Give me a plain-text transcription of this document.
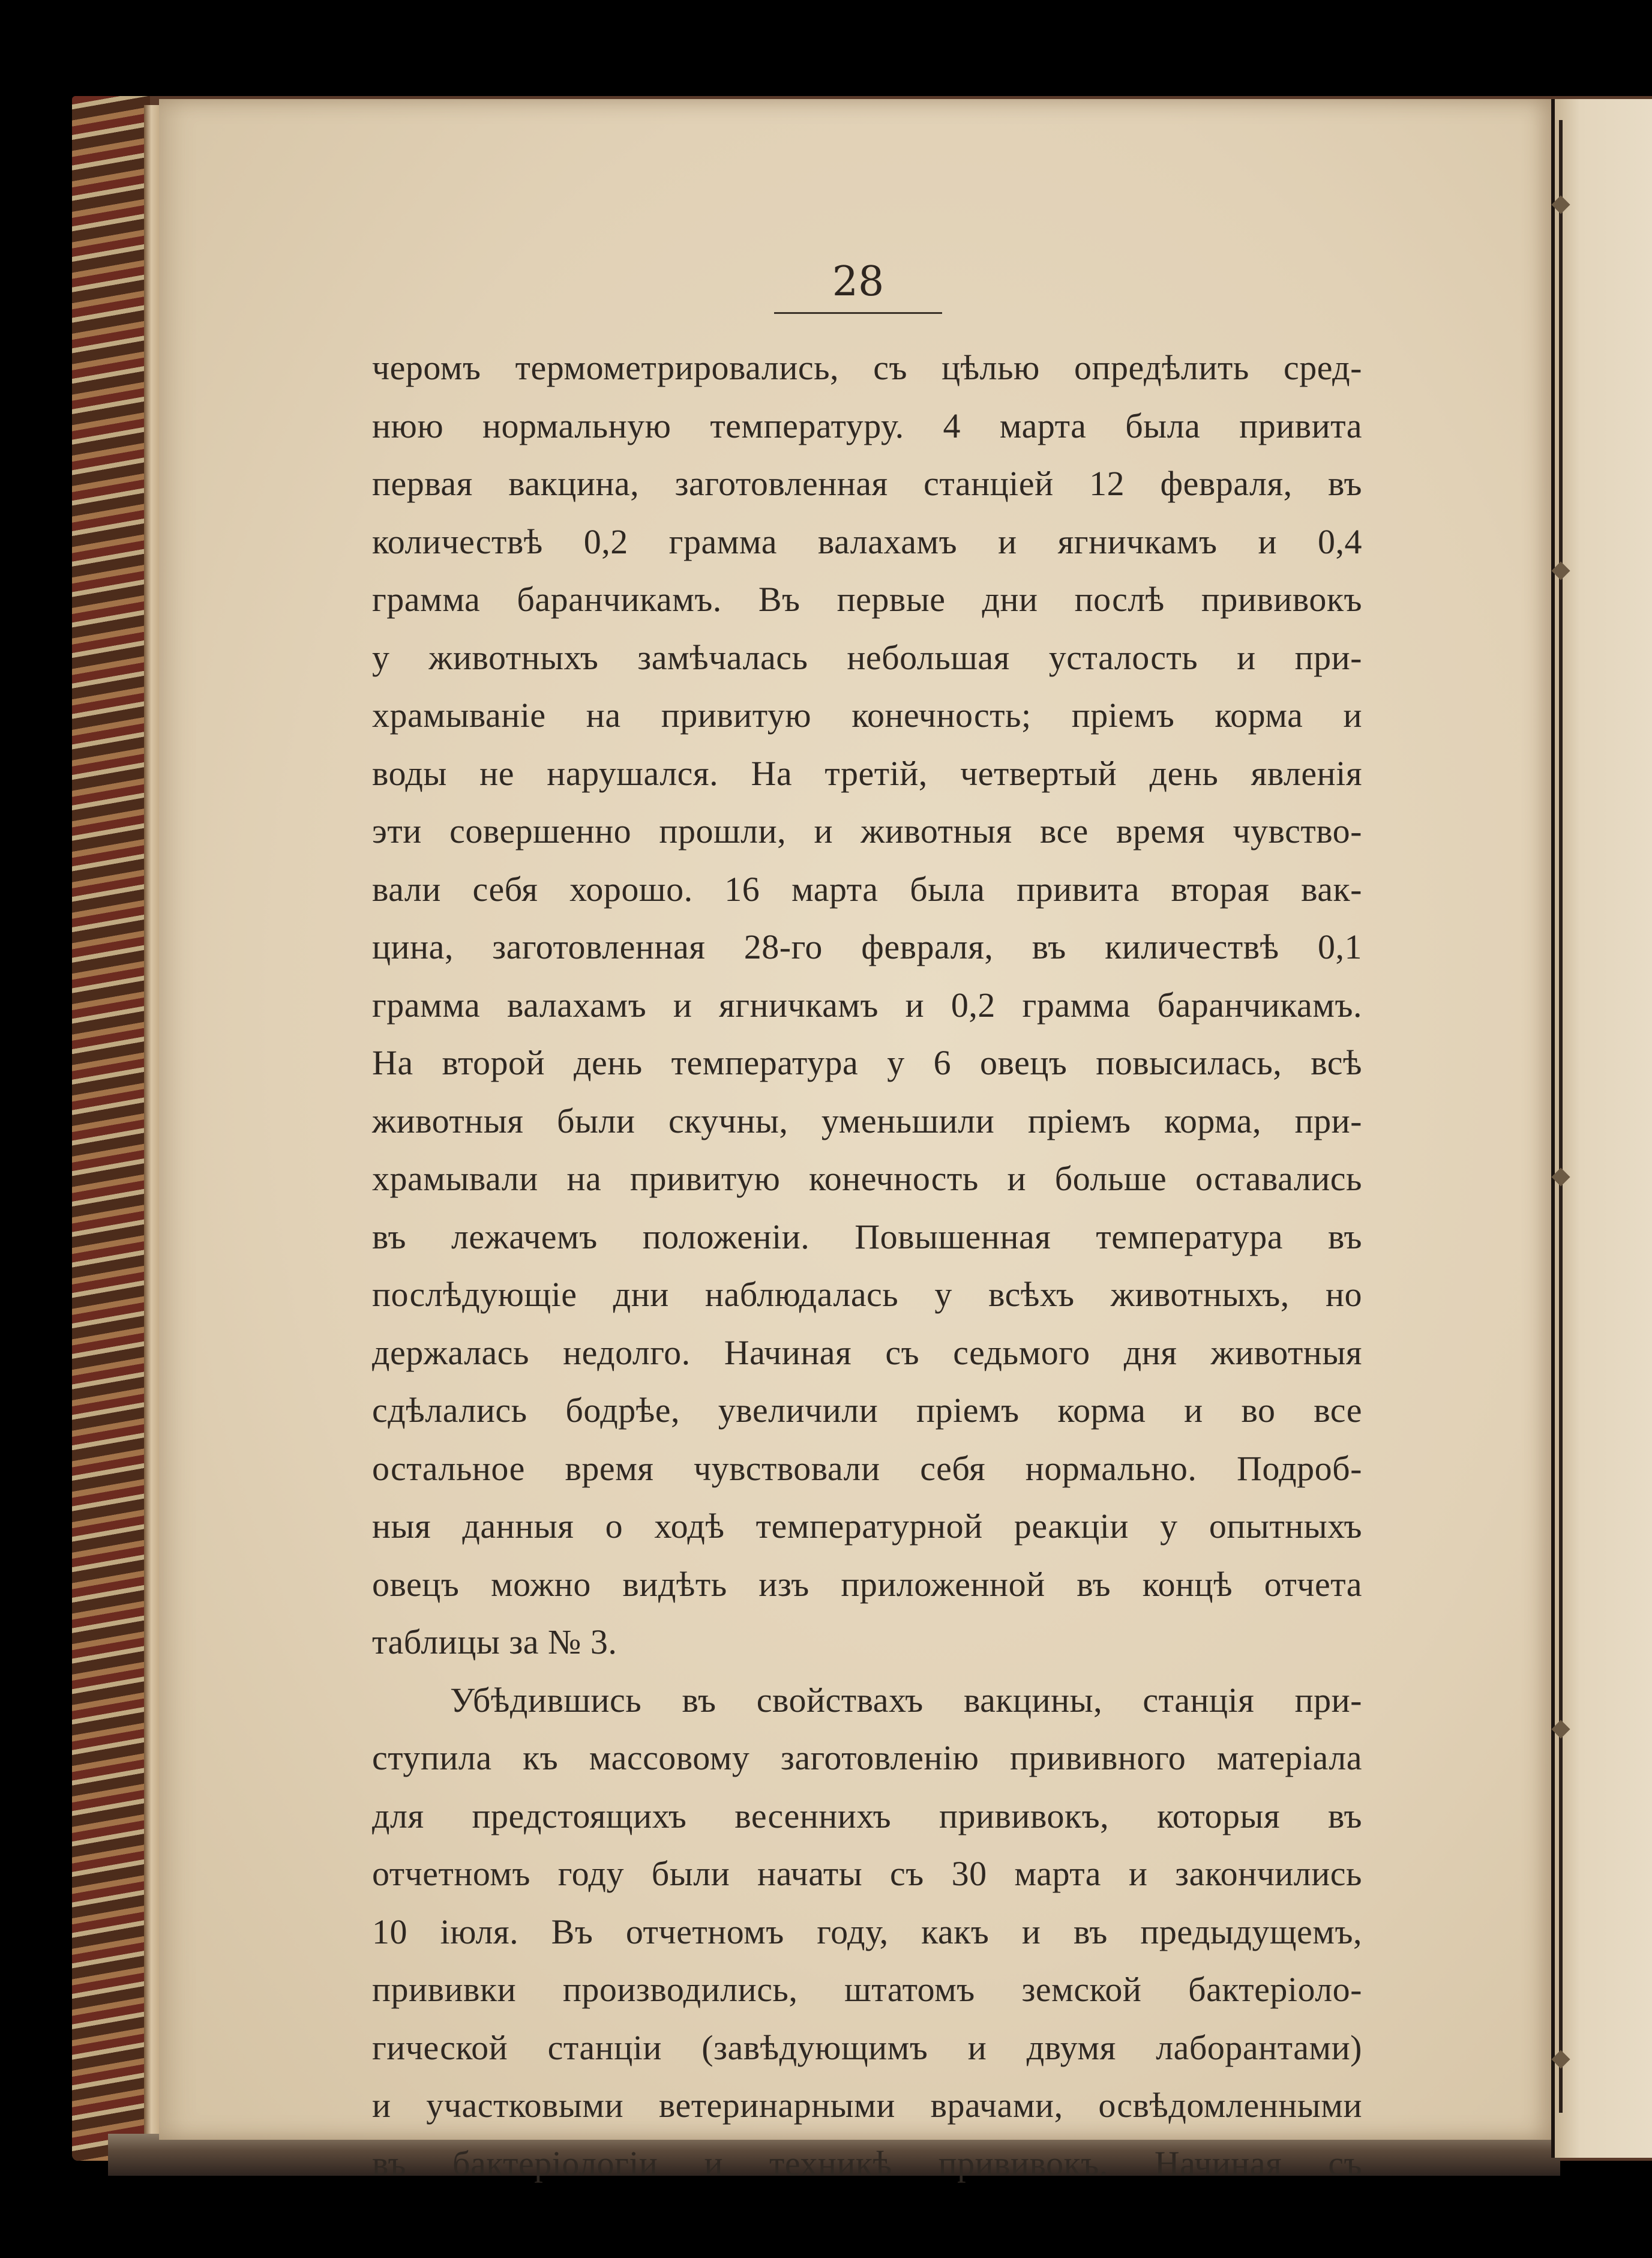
28
черомъ термометрировались, съ цѣлью опредѣлить сред-
нюю нормальную температуру. 4 марта была привита
первая вакцина, заготовленная станціей 12 февраля, въ
количествѣ 0,2 грамма валахамъ и ягничкамъ и 0,4
грамма баранчикамъ. Въ первые дни послѣ прививокъ
у животныхъ замѣчалась небольшая усталость и при-
храмываніе на привитую конечность; пріемъ корма и
воды не нарушался. На третій, четвертый день явленія
эти совершенно прошли, и животныя все время чувство-
вали себя хорошо. 16 марта была привита вторая вак-
цина, заготовленная 28-го февраля, въ киличествѣ 0,1
грамма валахамъ и ягничкамъ и 0,2 грамма баранчикамъ.
На второй день температура у 6 овецъ повысилась, всѣ
животныя были скучны, уменьшили пріемъ корма, при-
храмывали на привитую конечность и больше оставались
въ лежачемъ положеніи. Повышенная температура въ
послѣдующіе дни наблюдалась у всѣхъ животныхъ, но
держалась недолго. Начиная съ седьмого дня животныя
сдѣлались бодрѣе, увеличили пріемъ корма и во все
остальное время чувствовали себя нормально. Подроб-
ныя данныя о ходѣ температурной реакціи у опытныхъ
овецъ можно видѣть изъ приложенной въ концѣ отчета
таблицы за № 3.
Убѣдившись въ свойствахъ вакцины, станція при-
ступила къ массовому заготовленію прививного матеріала
для предстоящихъ весеннихъ прививокъ, которыя въ
отчетномъ году были начаты съ 30 марта и закончились
10 іюля. Въ отчетномъ году, какъ и въ предыдущемъ,
прививки производились, штатомъ земской бактеріоло-
гической станціи (завѣдующимъ и двумя лаборантами)
и участковыми ветеринарными врачами, освѣдомленными
въ бактеріологіи и техникѣ прививокъ. Начиная съ
